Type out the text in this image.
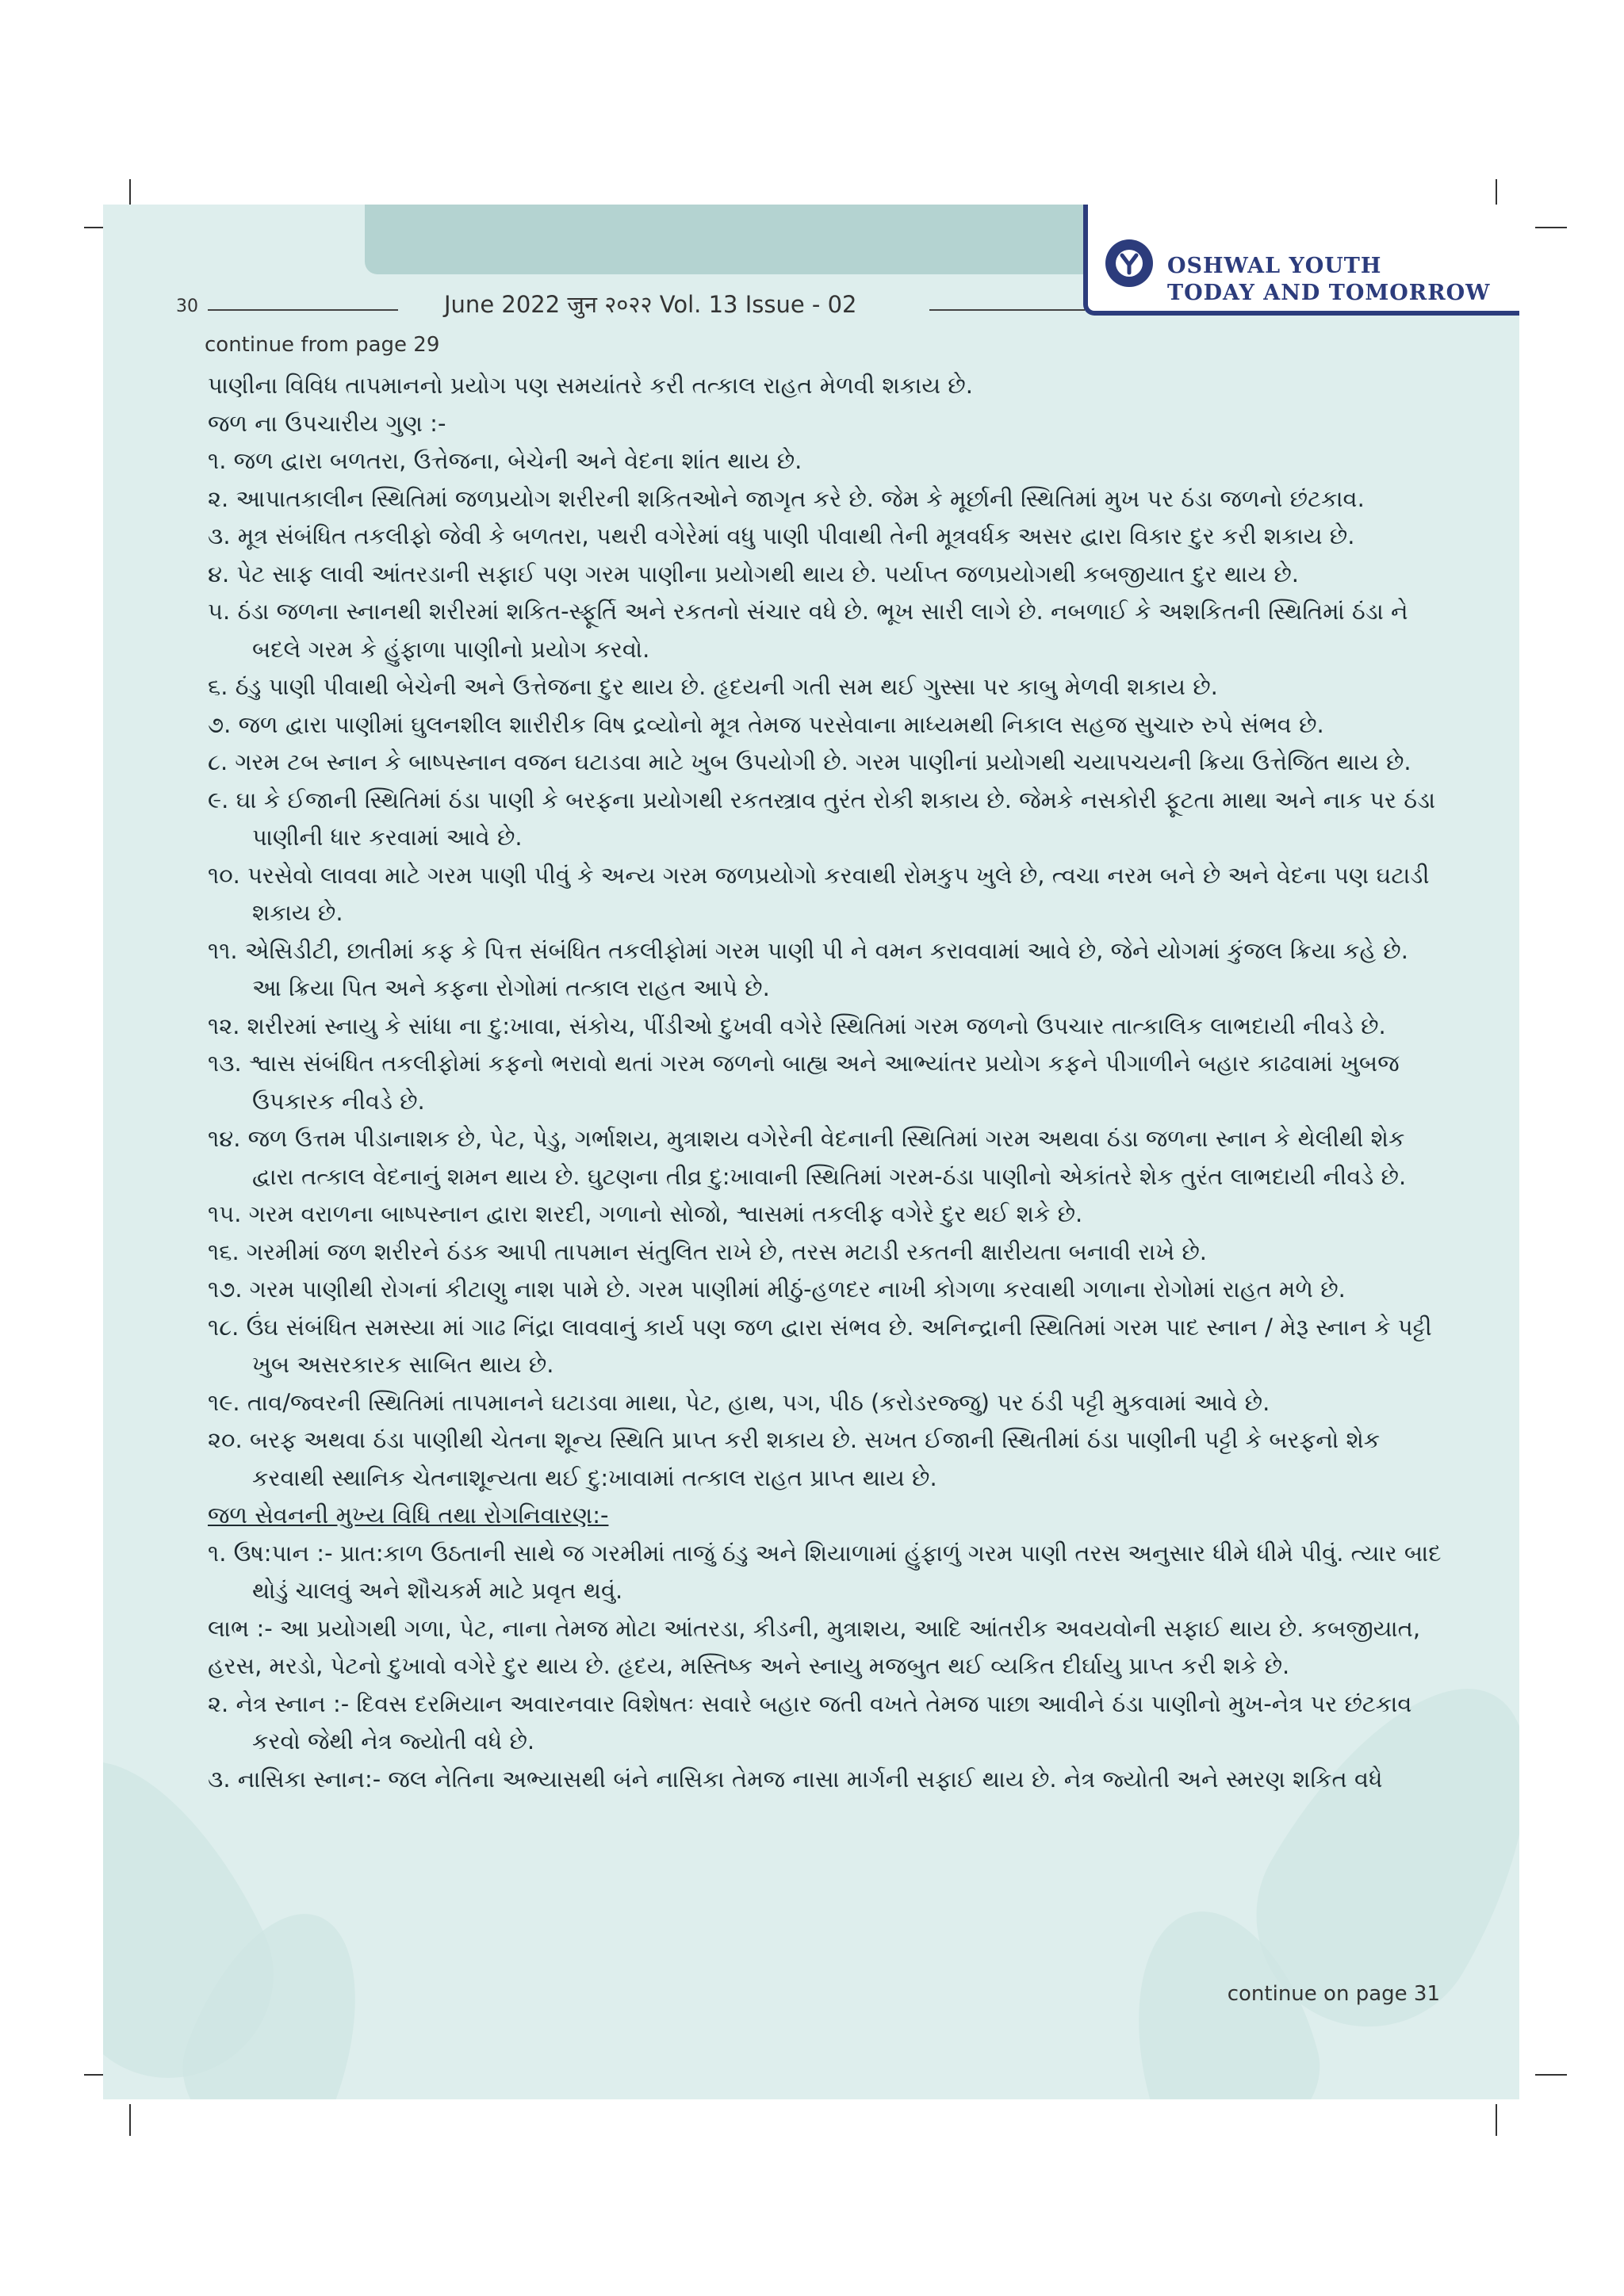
OSHWAL YOUTH
TODAY AND TOMORROW
30	June 2022 जुन २०२२ Vol. 13 Issue - 02
continue from page 29

પાણીના વિવિધ તાપમાનનો પ્રયોગ પણ સમયાંતરે કરી તત્કાલ રાહત મેળવી શકાય છે.

જળ ના ઉપચારીય ગુણ :-

૧. જળ દ્વારા બળતરા, ઉત્તેજના, બેચેની અને વેદના શાંત થાય છે.

૨. આપાતકાલીન સ્થિતિમાં જળપ્રયોગ શરીરની શકિતઓને જાગૃત કરે છે. જેમ કે મૂર્છાની સ્થિતિમાં મુખ પર ઠંડા જળનો છંટકાવ.

૩. મૂત્ર સંબંધિત તકલીફો જેવી કે બળતરા, પથરી વગેરેમાં વધુ પાણી પીવાથી તેની મૂત્રવર્ધક અસર દ્વારા વિકાર દુર કરી શકાય છે.

૪. પેટ સાફ લાવી આંતરડાની સફાઈ પણ ગરમ પાણીના પ્રયોગથી થાય છે. પર્યાપ્ત જળપ્રયોગથી કબજીયાત દુર થાય છે.

૫. ઠંડા જળના સ્નાનથી શરીરમાં શકિત-સ્ફૂર્તિ અને રકતનો સંચાર વધે છે. ભૂખ સારી લાગે છે. નબળાઈ કે અશકિતની સ્થિતિમાં ઠંડા ને બદલે ગરમ કે હુંફાળા પાણીનો પ્રયોગ કરવો.

૬. ઠંડુ પાણી પીવાથી બેચેની અને ઉત્તેજના દુર થાય છે. હૃદયની ગતી સમ થઈ ગુસ્સા પર કાબુ મેળવી શકાય છે.

૭. જળ દ્વારા પાણીમાં ઘુલનશીલ શારીરીક વિષ દ્રવ્યોનો મૂત્ર તેમજ પરસેવાના માધ્યમથી નિકાલ સહજ સુચારુ રુપે સંભવ છે.

૮. ગરમ ટબ સ્નાન કે બાષ્પસ્નાન વજન ઘટાડવા માટે ખુબ ઉપયોગી છે. ગરમ પાણીનાં પ્રયોગથી ચયાપચયની ક્રિયા ઉત્તેજિત થાય છે.

૯. ઘા કે ઈજાની સ્થિતિમાં ઠંડા પાણી કે બરફના પ્રયોગથી રકતસ્ત્રાવ તુરંત રોકી શકાય છે. જેમકે નસકોરી ફૂટતા માથા અને નાક પર ઠંડા પાણીની ધાર કરવામાં આવે છે.

૧૦. પરસેવો લાવવા માટે ગરમ પાણી પીવું કે અન્ય ગરમ જળપ્રયોગો કરવાથી રોમકુપ ખુલે છે, ત્વચા નરમ બને છે અને વેદના પણ ઘટાડી શકાય છે.

૧૧. એસિડીટી, છાતીમાં કફ કે પિત્ત સંબંધિત તકલીફોમાં ગરમ પાણી પી ને વમન કરાવવામાં આવે છે, જેને યોગમાં કુંજલ ક્રિયા કહે છે. આ ક્રિયા પિત અને કફના રોગોમાં તત્કાલ રાહત આપે છે.

૧૨. શરીરમાં સ્નાયુ કે સાંધા ના દુ:ખાવા, સંકોચ, પીંડીઓ દુખવી વગેરે સ્થિતિમાં ગરમ જળનો ઉપચાર તાત્કાલિક લાભદાયી નીવડે છે.

૧૩. શ્વાસ સંબંધિત તકલીફોમાં કફનો ભરાવો થતાં ગરમ જળનો બાહ્ય અને આભ્યાંતર પ્રયોગ કફને પીગાળીને બહાર કાઢવામાં ખુબજ ઉપકારક નીવડે છે.

૧૪. જળ ઉત્તમ પીડાનાશક છે, પેટ, પેડુ, ગર્ભાશય, મુત્રાશય વગેરેની વેદનાની સ્થિતિમાં ગરમ અથવા ઠંડા જળના સ્નાન કે થેલીથી શેક દ્વારા તત્કાલ વેદનાનું શમન થાય છે. ઘુટણના તીવ્ર દુ:ખાવાની સ્થિતિમાં ગરમ-ઠંડા પાણીનો એકાંતરે શેક તુરંત લાભદાયી નીવડે છે.

૧૫. ગરમ વરાળના બાષ્પસ્નાન દ્વારા શરદી, ગળાનો સોજો, શ્વાસમાં તકલીફ વગેરે દુર થઈ શકે છે.

૧૬. ગરમીમાં જળ શરીરને ઠંડક આપી તાપમાન સંતુલિત રાખે છે, તરસ મટાડી રકતની ક્ષારીયતા બનાવી રાખે છે.

૧૭. ગરમ પાણીથી રોગનાં કીટાણુ નાશ પામે છે. ગરમ પાણીમાં મીઠું-હળદર નાખી કોગળા કરવાથી ગળાના રોગોમાં રાહત મળે છે.

૧૮. ઉંઘ સંબંધિત સમસ્યા માં ગાઢ નિંદ્રા લાવવાનું કાર્ય પણ જળ દ્વારા સંભવ છે. અનિન્દ્રાની સ્થિતિમાં ગરમ પાદ સ્નાન / મેરૂ સ્નાન કે પટ્ટી ખુબ અસરકારક સાબિત થાય છે.

૧૯. તાવ/જ્વરની સ્થિતિમાં તાપમાનને ઘટાડવા માથા, પેટ, હાથ, પગ, પીઠ (કરોડરજ્જુ) પર ઠંડી પટ્ટી મુકવામાં આવે છે.

૨૦. બરફ અથવા ઠંડા પાણીથી ચેતના શૂન્ય સ્થિતિ પ્રાપ્ત કરી શકાય છે. સખત ઈજાની સ્થિતીમાં ઠંડા પાણીની પટ્ટી કે બરફનો શેક કરવાથી સ્થાનિક ચેતનાશૂન્યતા થઈ દુ:ખાવામાં તત્કાલ રાહત પ્રાપ્ત થાય છે.

જળ સેવનની મુખ્ય વિધિ તથા રોગનિવારણ:-

૧. ઉષ:પાન :- પ્રાત:કાળ ઉઠતાની સાથે જ ગરમીમાં તાજું ઠંડુ અને શિયાળામાં હુંફાળું ગરમ પાણી તરસ અનુસાર ધીમે ધીમે પીવું. ત્યાર બાદ થોડું ચાલવું અને શૌચકર્મ માટે પ્રવૃત થવું.

લાભ :- આ પ્રયોગથી ગળા, પેટ, નાના તેમજ મોટા આંતરડા, કીડની, મુત્રાશય, આદિ આંતરીક અવયવોની સફાઈ થાય છે. કબજીયાત, હરસ, મરડો, પેટનો દુખાવો વગેરે દુર થાય છે. હૃદય, મસ્તિષ્ક અને સ્નાયુ મજબુત થઈ વ્યકિત દીર્ઘાયુ પ્રાપ્ત કરી શકે છે.

૨. નેત્ર સ્નાન :- દિવસ દરમિયાન અવારનવાર વિશેષતઃ સવારે બહાર જતી વખતે તેમજ પાછા આવીને ઠંડા પાણીનો મુખ-નેત્ર પર છંટકાવ કરવો જેથી નેત્ર જ્યોતી વધે છે.

૩. નાસિકા સ્નાન:- જલ નેતિના અભ્યાસથી બંને નાસિકા તેમજ નાસા માર્ગની સફાઈ થાય છે. નેત્ર જ્યોતી અને સ્મરણ શકિત વધે

continue on page 31
